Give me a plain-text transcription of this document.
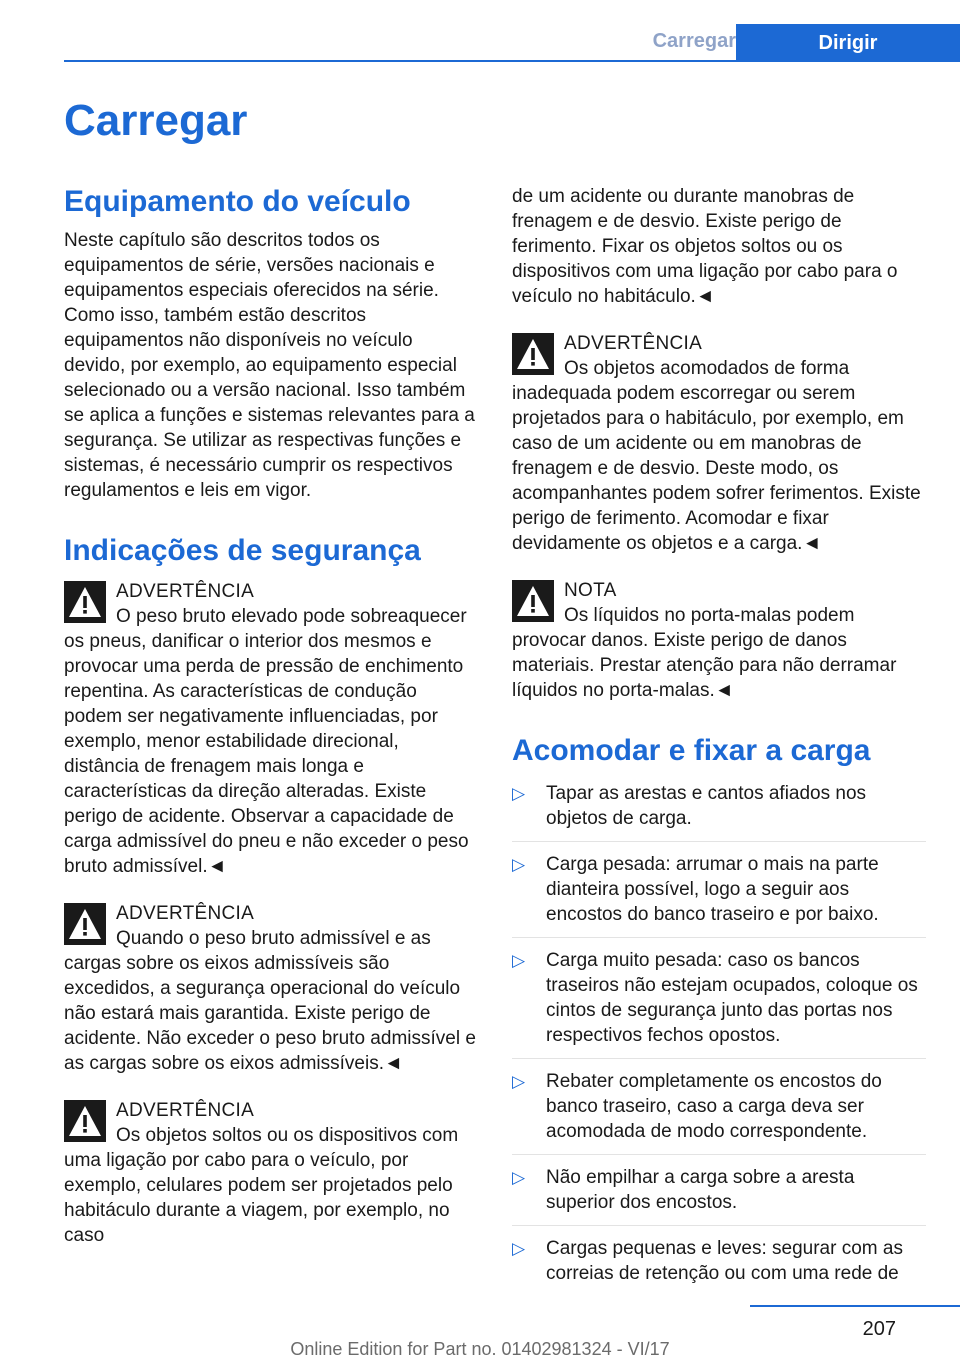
Carregar	Dirigir
Carregar
Equipamento do veículo

Neste capítulo são descritos todos os equipamentos de série, versões nacionais e equipamentos especiais oferecidos na série. Como isso, também estão descritos equipamentos não disponíveis no veículo devido, por exemplo, ao equipamento especial selecionado ou a versão nacional. Isso também se aplica a funções e sistemas relevantes para a segurança. Se utilizar as respectivas funções e sistemas, é necessário cumprir os respectivos regulamentos e leis em vigor.

Indicações de segurança
ADVERTÊNCIA

O peso bruto elevado pode sobreaquecer os pneus, danificar o interior dos mesmos e provocar uma perda de pressão de enchimento repentina. As características de condução podem ser negativamente influenciadas, por exemplo, menor estabilidade direcional, distância de frenagem mais longa e características da direção alteradas. Existe perigo de acidente. Observar a capacidade de carga admissível do pneu e não exceder o peso bruto admissível.◄

ADVERTÊNCIA

Quando o peso bruto admissível e as cargas sobre os eixos admissíveis são excedidos, a segurança operacional do veículo não estará mais garantida. Existe perigo de acidente. Não exceder o peso bruto admissível e as cargas sobre os eixos admissíveis.◄

ADVERTÊNCIA

Os objetos soltos ou os dispositivos com uma ligação por cabo para o veículo, por exemplo, celulares podem ser projetados pelo habitáculo durante a viagem, por exemplo, no caso

de um acidente ou durante manobras de frenagem e de desvio. Existe perigo de ferimento. Fixar os objetos soltos ou os dispositivos com uma ligação por cabo para o veículo no habitáculo.◄

ADVERTÊNCIA

Os objetos acomodados de forma inadequada podem escorregar ou serem projetados para o habitáculo, por exemplo, em caso de um acidente ou em manobras de frenagem e de desvio. Deste modo, os acompanhantes podem sofrer ferimentos. Existe perigo de ferimento. Acomodar e fixar devidamente os objetos e a carga.◄

NOTA

Os líquidos no porta-malas podem provocar danos. Existe perigo de danos materiais. Prestar atenção para não derramar líquidos no porta-malas.◄

Acomodar e fixar a carga
▷ Tapar as arestas e cantos afiados nos objetos de carga.
▷ Carga pesada: arrumar o mais na parte dianteira possível, logo a seguir aos encostos do banco traseiro e por baixo.
▷ Carga muito pesada: caso os bancos traseiros não estejam ocupados, coloque os cintos de segurança junto das portas nos respectivos fechos opostos.
▷ Rebater completamente os encostos do banco traseiro, caso a carga deva ser acomodada de modo correspondente.
▷ Não empilhar a carga sobre a aresta superior dos encostos.
▷ Cargas pequenas e leves: segurar com as correias de retenção ou com uma rede de
207
Online Edition for Part no. 01402981324 - VI/17
